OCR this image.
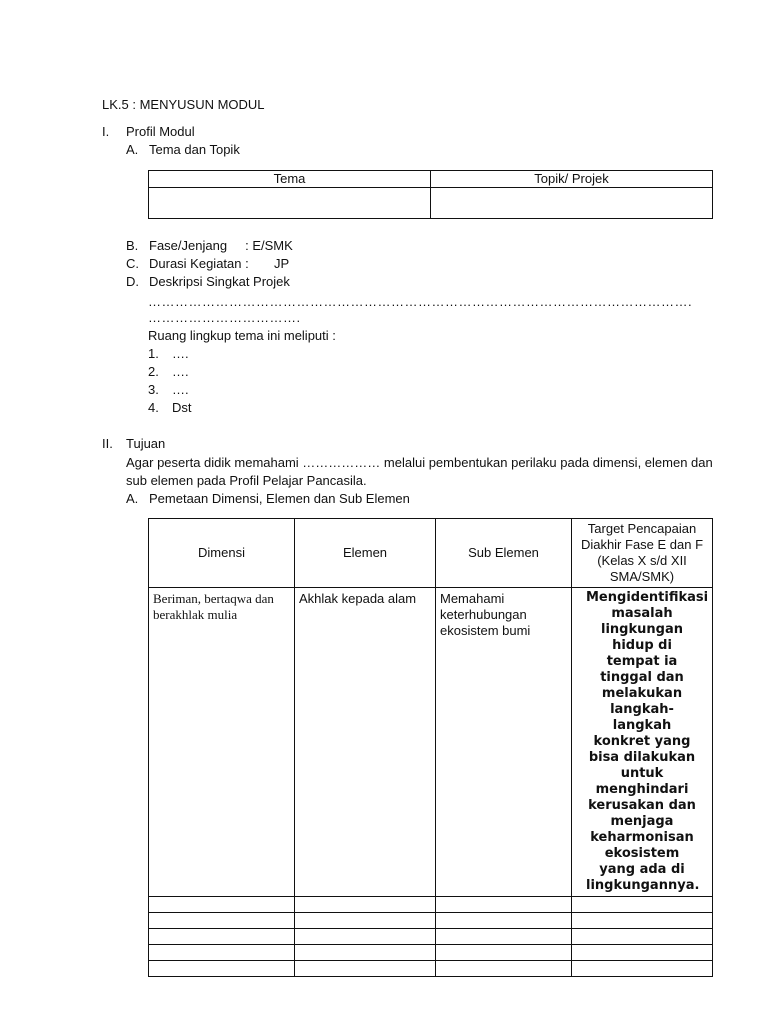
LK.5 : MENYUSUN MODUL
I. Profil Modul
A. Tema dan Topik
Tema	Topik/ Projek

B. Fase/Jenjang     : E/SMK
C. Durasi Kegiatan :       JP
D. Deskripsi Singkat Projek
………………………………………………………………………………………………………….
…………………………….
Ruang lingkup tema ini meliputi :
1. ….
2. ….
3. ….
4. Dst
II. Tujuan
Agar peserta didik memahami ……………… melalui pembentukan perilaku pada dimensi, elemen dan
sub elemen pada Profil Pelajar Pancasila.
A. Pemetaan Dimensi, Elemen dan Sub Elemen
Dimensi	Elemen	Sub Elemen	Target Pencapaian Diakhir Fase E dan F (Kelas X s/d XII SMA/SMK)
Beriman, bertaqwa dan berakhlak mulia	Akhlak kepada alam	Memahami keterhubungan ekosistem bumi	Mengidentifikasi masalah lingkungan hidup di tempat ia tinggal dan melakukan langkah-langkah konkret yang bisa dilakukan untuk menghindari kerusakan dan menjaga keharmonisan ekosistem yang ada di lingkungannya.
